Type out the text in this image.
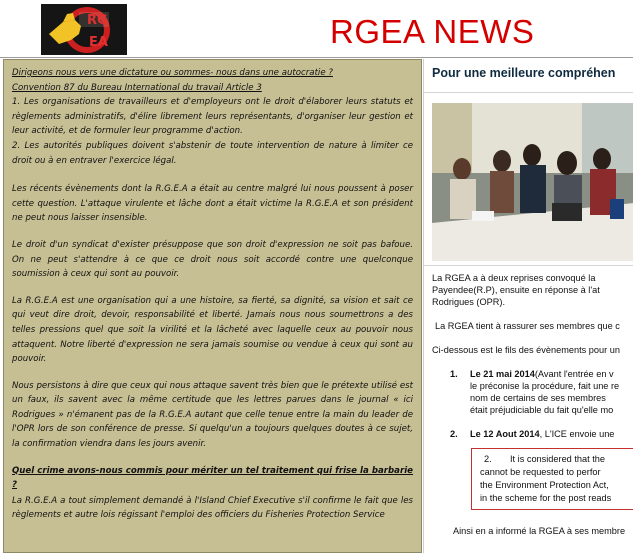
RG
EA	RGEA NEWS

Dirigeons nous vers une dictature ou sommes- nous dans une autocratie ?
Convention 87 du Bureau International du travail Article 3
1. Les organisations de travailleurs et d'employeurs ont le droit d'élaborer leurs statuts et règlements administratifs, d'élire librement leurs représentants, d'organiser leur gestion et leur activité, et de formuler leur programme d'action.
2. Les autorités publiques doivent s'abstenir de toute intervention de nature à limiter ce droit ou à en entraver l'exercice légal.

Les récents évènements dont la R.G.E.A a était au centre malgré lui nous poussent à poser cette question. L'attaque virulente et lâche dont a était victime la R.G.E.A et son président ne peut nous laisser insensible.

Le droit d'un syndicat d'exister présuppose que son droit d'expression ne soit pas bafoue. On ne peut s'attendre à ce que ce droit nous soit accordé contre une quelconque soumission à ceux qui sont au pouvoir.

La R.G.E.A est une organisation qui a une histoire, sa fierté, sa dignité, sa vision et sait ce qui veut dire droit, devoir, responsabilité et liberté. Jamais nous nous soumettrons a des telles pressions quel que soit la virilité et la lâcheté avec laquelle ceux au pouvoir nous attaquent. Notre liberté d'expression ne sera jamais soumise ou vendue à ceux qui sont au pouvoir.

Nous persistons à dire que ceux qui nous attaque savent très bien que le prétexte utilisé est un faux, ils savent avec la même certitude que les lettres parues dans le journal « ici Rodrigues » n'émanent pas de la R.G.E.A autant que celle tenue entre la main du leader de l'OPR lors de son conférence de presse. Si quelqu'un a toujours quelques doutes à ce sujet, la confirmation viendra dans les jours avenir.

Quel crime avons-nous commis pour mériter un tel traitement qui frise la barbarie ?

La R.G.E.A a tout simplement demandé à l'Island Chief Executive s'il confirme le fait que les règlements et autre lois régissant l'emploi des officiers du Fisheries Protection Service

Pour une meilleure compréhen
La RGEA a à deux reprises convoqué la
Payendee(R.P), ensuite en réponse à l'at
Rodrigues (OPR).
La RGEA tient à rassurer ses membres que c
Ci-dessous est le fils des évènements pour un
1. Le 21 mai 2014(Avant l'entrée en v
le préconise la procédure, fait une re
nom de certains de ses membres
était préjudiciable du fait qu'elle mo
2. Le 12 Aout 2014, L'ICE envoie une
2. It is considered that the
cannot be requested to perfor
the Environment Protection Act,
in the scheme for the post reads
Ainsi en a informé la RGEA à ses membre
